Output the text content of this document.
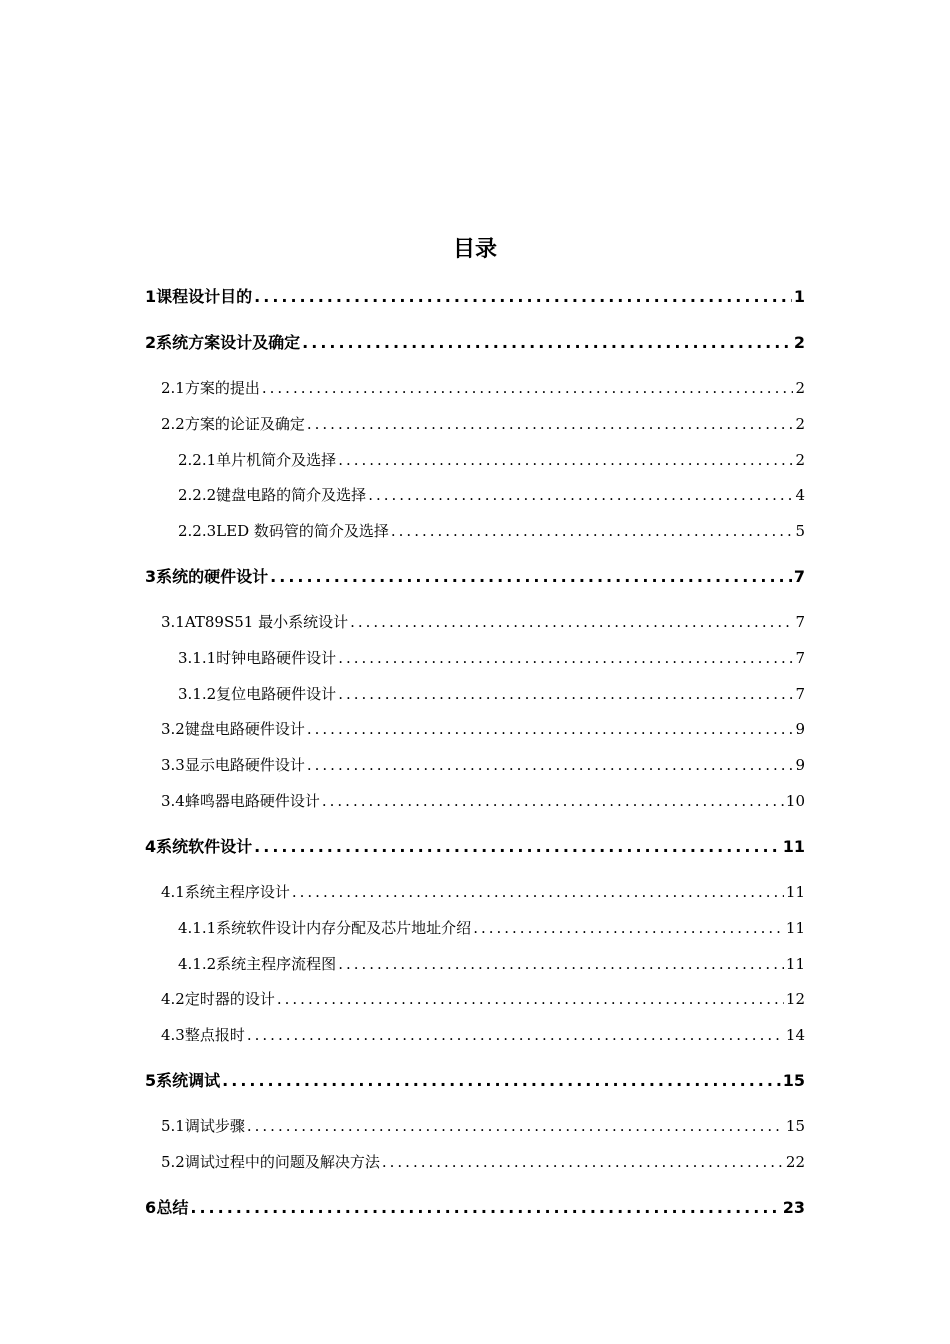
目录
1 课程设计目的 .....	1
2 系统方案设计及确定 .....	2
2.1 方案的提出 .....	2
2.2 方案的论证及确定 .....	2
2.2.1 单片机简介及选择 .....	2
2.2.2 键盘电路的简介及选择 .....	4
2.2.3 LED 数码管的简介及选择 .....	5
3 系统的硬件设计 .....	7
3.1 AT89S51 最小系统设计 .....	7
3.1.1 时钟电路硬件设计 .....	7
3.1.2 复位电路硬件设计 .....	7
3.2 键盘电路硬件设计 .....	9
3.3 显示电路硬件设计 .....	9
3.4 蜂鸣器电路硬件设计 .....	10
4 系统软件设计 .....	11
4.1 系统主程序设计 .....	11
4.1.1 系统软件设计内存分配及芯片地址介绍 .....	11
4.1.2 系统主程序流程图 .....	11
4.2 定时器的设计 .....	12
4.3 整点报时 .....	14
5 系统调试 .....	15
5.1 调试步骤 .....	15
5.2 调试过程中的问题及解决方法 .....	22
6 总结 .....	23
